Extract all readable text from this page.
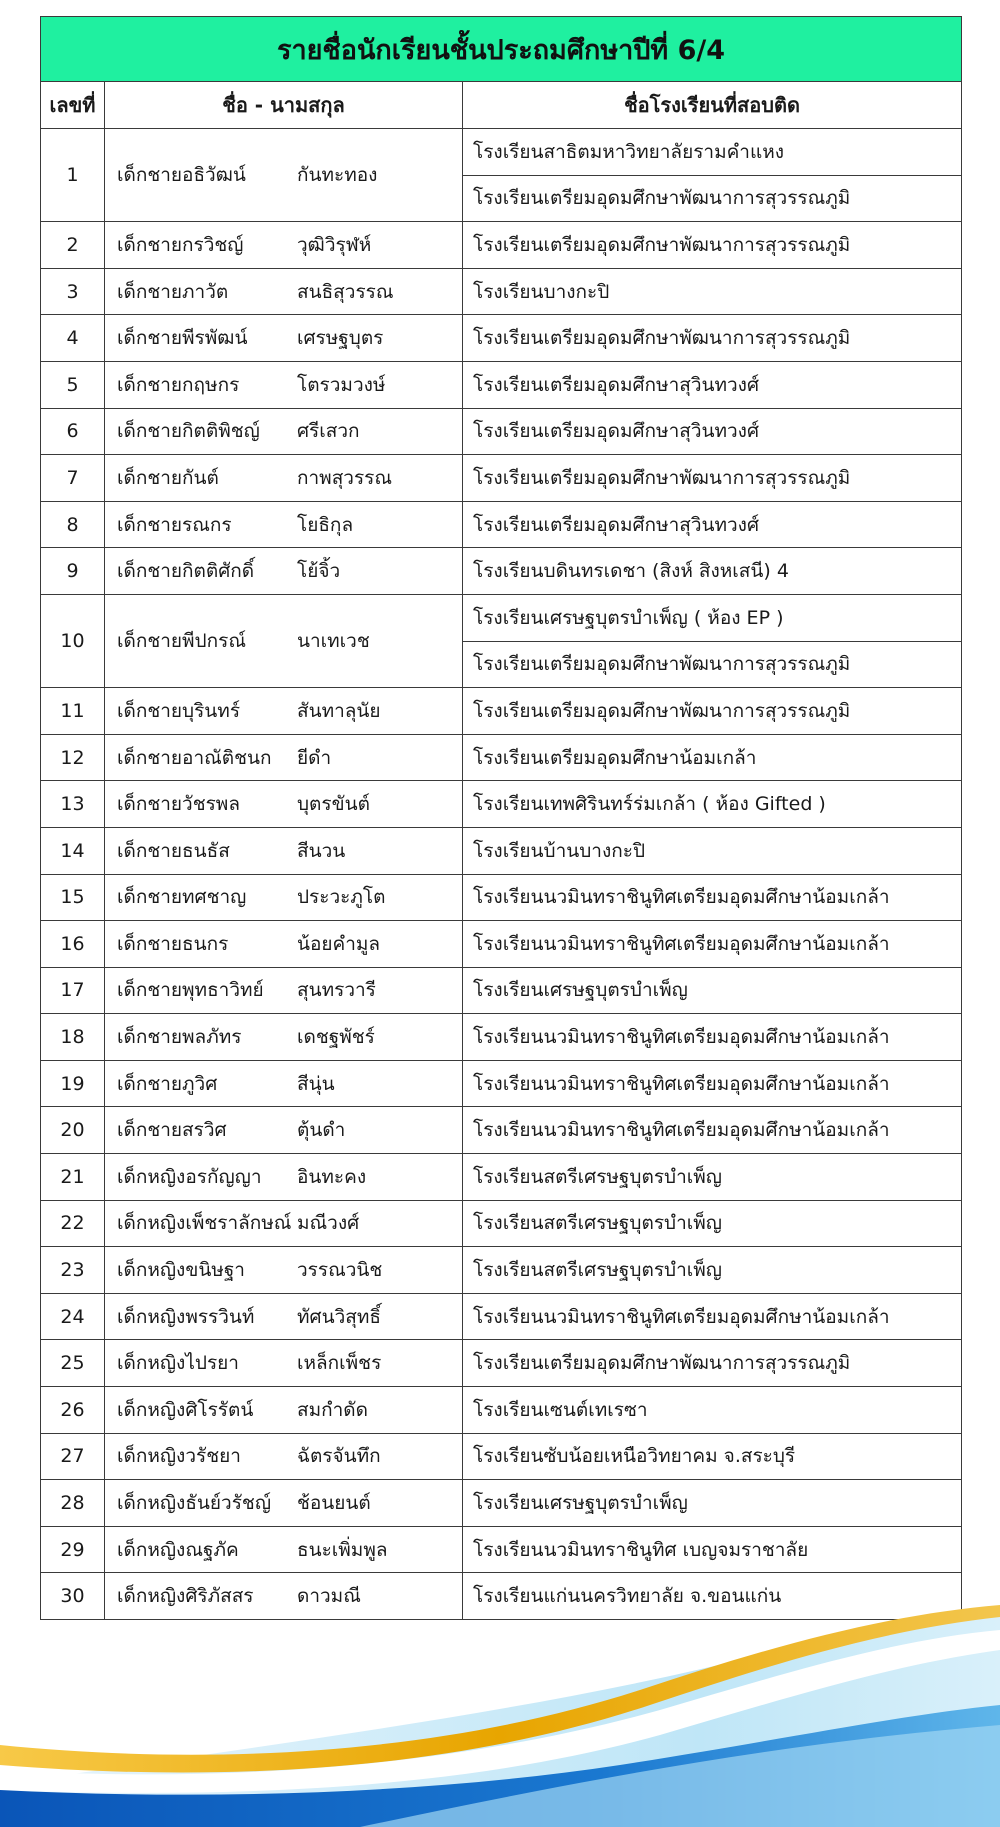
รายชื่อนักเรียนชั้นประถมศึกษาปีที่ 6/4		
เลขที่	ชื่อ - นามสกุล	ชื่อโรงเรียนที่สอบติด
1	เด็กชายอธิวัฒน์ กันทะทอง	โรงเรียนสาธิตมหาวิทยาลัยรามคำแหง
		โรงเรียนเตรียมอุดมศึกษาพัฒนาการสุวรรณภูมิ
2	เด็กชายกรวิชญ์ วุฒิวิรุฬห์	โรงเรียนเตรียมอุดมศึกษาพัฒนาการสุวรรณภูมิ
3	เด็กชายภาวัต สนธิสุวรรณ	โรงเรียนบางกะปิ
4	เด็กชายพีรพัฒน์ เศรษฐบุตร	โรงเรียนเตรียมอุดมศึกษาพัฒนาการสุวรรณภูมิ
5	เด็กชายกฤษกร โตรวมวงษ์	โรงเรียนเตรียมอุดมศึกษาสุวินทวงศ์
6	เด็กชายกิตติพิชญ์ ศรีเสวก	โรงเรียนเตรียมอุดมศึกษาสุวินทวงศ์
7	เด็กชายกันต์ กาพสุวรรณ	โรงเรียนเตรียมอุดมศึกษาพัฒนาการสุวรรณภูมิ
8	เด็กชายรณกร โยธิกุล	โรงเรียนเตรียมอุดมศึกษาสุวินทวงศ์
9	เด็กชายกิตติศักดิ์ โย้จิ้ว	โรงเรียนบดินทรเดชา (สิงห์ สิงหเสนี) 4
10	เด็กชายพีปกรณ์ นาเทเวช	โรงเรียนเศรษฐบุตรบำเพ็ญ ( ห้อง EP )
		โรงเรียนเตรียมอุดมศึกษาพัฒนาการสุวรรณภูมิ
11	เด็กชายบุรินทร์ สันทาลุนัย	โรงเรียนเตรียมอุดมศึกษาพัฒนาการสุวรรณภูมิ
12	เด็กชายอาณัติชนก ยีดำ	โรงเรียนเตรียมอุดมศึกษาน้อมเกล้า
13	เด็กชายวัชรพล บุตรขันต์	โรงเรียนเทพศิรินทร์ร่มเกล้า ( ห้อง Gifted )
14	เด็กชายธนธัส สีนวน	โรงเรียนบ้านบางกะปิ
15	เด็กชายทศชาญ ประวะภูโต	โรงเรียนนวมินทราชินูทิศเตรียมอุดมศึกษาน้อมเกล้า
16	เด็กชายธนกร น้อยคำมูล	โรงเรียนนวมินทราชินูทิศเตรียมอุดมศึกษาน้อมเกล้า
17	เด็กชายพุทธาวิทย์ สุนทรวารี	โรงเรียนเศรษฐบุตรบำเพ็ญ
18	เด็กชายพลภัทร เดชฐพัชร์	โรงเรียนนวมินทราชินูทิศเตรียมอุดมศึกษาน้อมเกล้า
19	เด็กชายภูวิศ สีนุ่น	โรงเรียนนวมินทราชินูทิศเตรียมอุดมศึกษาน้อมเกล้า
20	เด็กชายสรวิศ ตุ้นดำ	โรงเรียนนวมินทราชินูทิศเตรียมอุดมศึกษาน้อมเกล้า
21	เด็กหญิงอรกัญญา อินทะคง	โรงเรียนสตรีเศรษฐบุตรบำเพ็ญ
22	เด็กหญิงเพ็ชราลักษณ์ มณีวงศ์	โรงเรียนสตรีเศรษฐบุตรบำเพ็ญ
23	เด็กหญิงขนิษฐา วรรณวนิช	โรงเรียนสตรีเศรษฐบุตรบำเพ็ญ
24	เด็กหญิงพรรวินท์ ทัศนวิสุทธิ์	โรงเรียนนวมินทราชินูทิศเตรียมอุดมศึกษาน้อมเกล้า
25	เด็กหญิงไปรยา เหล็กเพ็ชร	โรงเรียนเตรียมอุดมศึกษาพัฒนาการสุวรรณภูมิ
26	เด็กหญิงศิโรรัตน์ สมกำดัด	โรงเรียนเซนต์เทเรซา
27	เด็กหญิงวรัชยา ฉัตรจันทึก	โรงเรียนซับน้อยเหนือวิทยาคม จ.สระบุรี
28	เด็กหญิงธันย์วรัชญ์ ช้อนยนต์	โรงเรียนเศรษฐบุตรบำเพ็ญ
29	เด็กหญิงณฐภัค ธนะเพิ่มพูล	โรงเรียนนวมินทราชินูทิศ เบญจมราชาลัย
30	เด็กหญิงศิริภัสสร ดาวมณี	โรงเรียนแก่นนครวิทยาลัย จ.ขอนแก่น
